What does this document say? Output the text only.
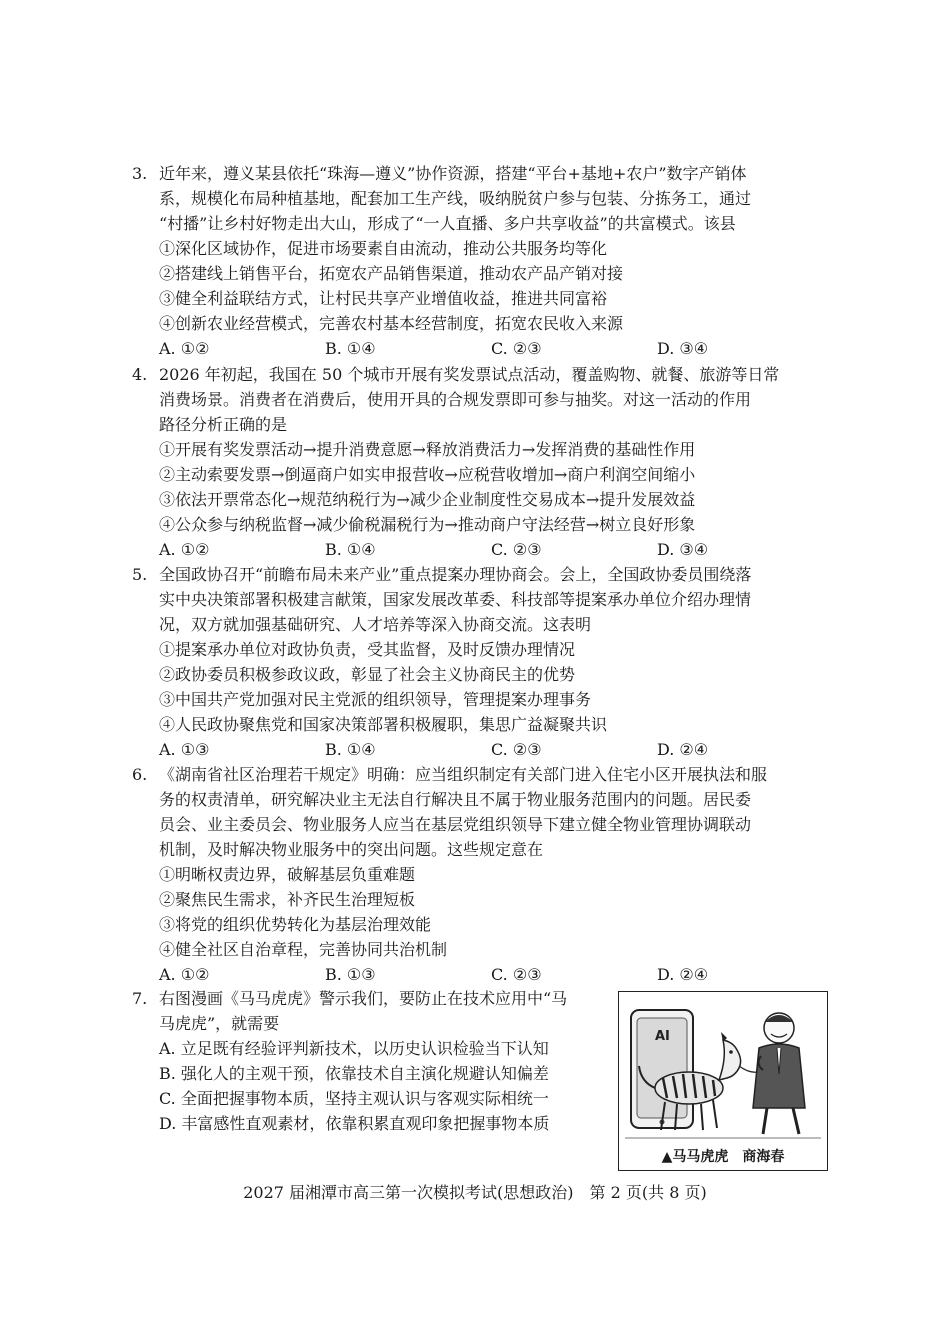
3. 近年来，遵义某县依托“珠海—遵义”协作资源，搭建“平台+基地+农户”数字产销体
系，规模化布局种植基地，配套加工生产线，吸纳脱贫户参与包装、分拣务工，通过
“村播”让乡村好物走出大山，形成了“一人直播、多户共享收益”的共富模式。该县
①深化区域协作，促进市场要素自由流动，推动公共服务均等化
②搭建线上销售平台，拓宽农产品销售渠道，推动农产品产销对接
③健全利益联结方式，让村民共享产业增值收益，推进共同富裕
④创新农业经营模式，完善农村基本经营制度，拓宽农民收入来源
A. ①②	B. ①④	C. ②③	D. ③④
4. 2026 年初起，我国在 50 个城市开展有奖发票试点活动，覆盖购物、就餐、旅游等日常
消费场景。消费者在消费后，使用开具的合规发票即可参与抽奖。对这一活动的作用
路径分析正确的是
①开展有奖发票活动→提升消费意愿→释放消费活力→发挥消费的基础性作用
②主动索要发票→倒逼商户如实申报营收→应税营收增加→商户利润空间缩小
③依法开票常态化→规范纳税行为→减少企业制度性交易成本→提升发展效益
④公众参与纳税监督→减少偷税漏税行为→推动商户守法经营→树立良好形象
A. ①②	B. ①④	C. ②③	D. ③④
5. 全国政协召开“前瞻布局未来产业”重点提案办理协商会。会上，全国政协委员围绕落
实中央决策部署积极建言献策，国家发展改革委、科技部等提案承办单位介绍办理情
况，双方就加强基础研究、人才培养等深入协商交流。这表明
①提案承办单位对政协负责，受其监督，及时反馈办理情况
②政协委员积极参政议政，彰显了社会主义协商民主的优势
③中国共产党加强对民主党派的组织领导，管理提案办理事务
④人民政协聚焦党和国家决策部署积极履职，集思广益凝聚共识
A. ①③	B. ①④	C. ②③	D. ②④
6. 《湖南省社区治理若干规定》明确：应当组织制定有关部门进入住宅小区开展执法和服
务的权责清单，研究解决业主无法自行解决且不属于物业服务范围内的问题。居民委
员会、业主委员会、物业服务人应当在基层党组织领导下建立健全物业管理协调联动
机制，及时解决物业服务中的突出问题。这些规定意在
①明晰权责边界，破解基层负重难题
②聚焦民生需求，补齐民生治理短板
③将党的组织优势转化为基层治理效能
④健全社区自治章程，完善协同共治机制
A. ①②	B. ①③	C. ②③	D. ②④
7. 右图漫画《马马虎虎》警示我们，要防止在技术应用中“马
马虎虎”，就需要
A. 立足既有经验评判新技术，以历史认识检验当下认知
B. 强化人的主观干预，依靠技术自主演化规避认知偏差
C. 全面把握事物本质，坚持主观认识与客观实际相统一
D. 丰富感性直观素材，依靠积累直观印象把握事物本质
AI
▲马马虎虎　商海春
2027 届湘潭市高三第一次模拟考试(思想政治)　第 2 页(共 8 页)
